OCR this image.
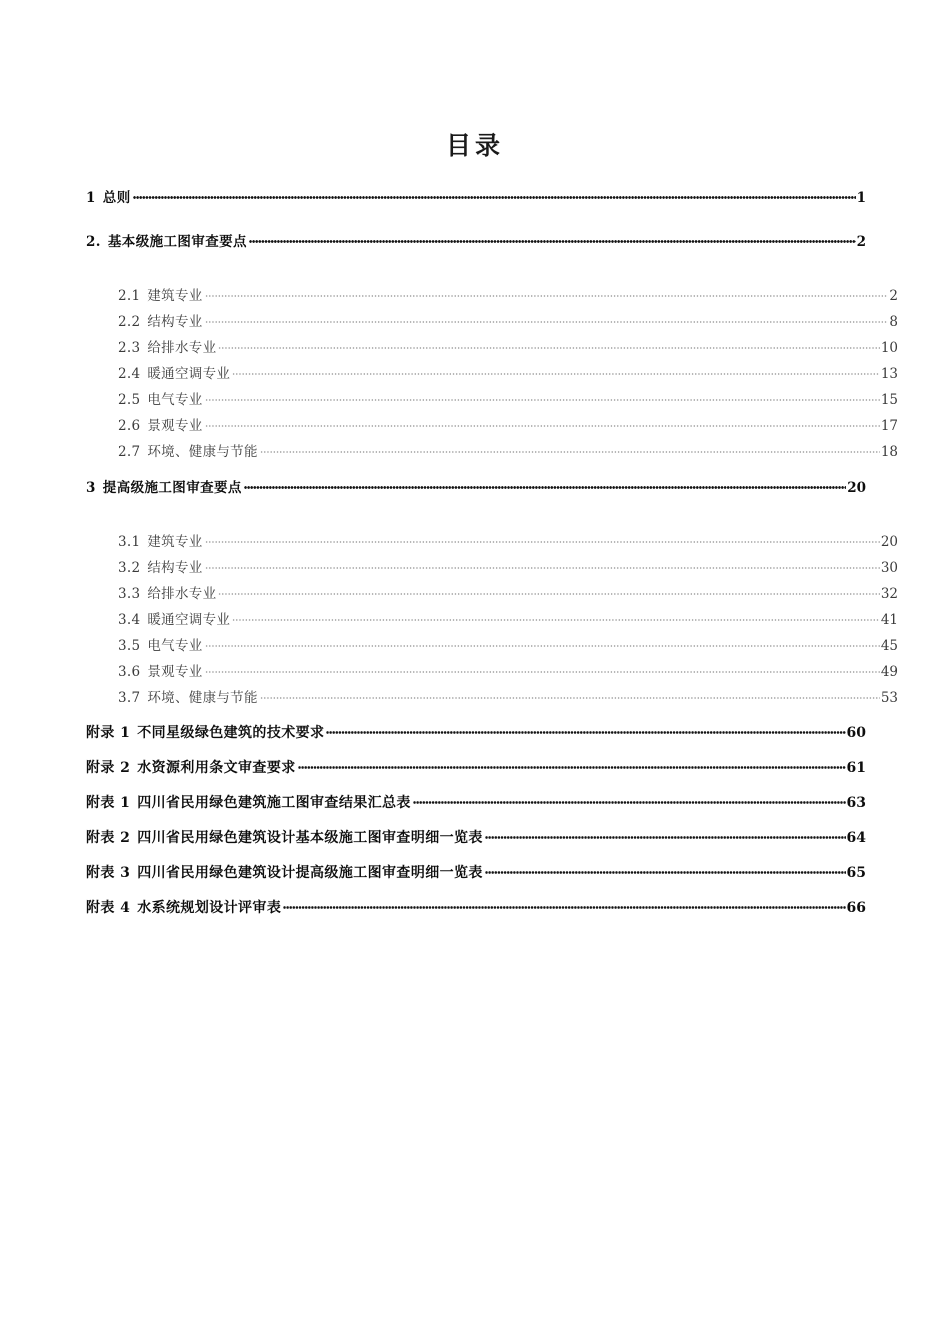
目录
1 总则	1
2. 基本级施工图审查要点	2
2.1 建筑专业	2
2.2 结构专业	8
2.3 给排水专业	10
2.4 暖通空调专业	13
2.5 电气专业	15
2.6 景观专业	17
2.7 环境、健康与节能	18
3 提高级施工图审查要点	20
3.1 建筑专业	20
3.2 结构专业	30
3.3 给排水专业	32
3.4 暖通空调专业	41
3.5 电气专业	45
3.6 景观专业	49
3.7 环境、健康与节能	53
附录 1 不同星级绿色建筑的技术要求	60
附录 2 水资源利用条文审查要求	61
附表 1 四川省民用绿色建筑施工图审查结果汇总表	63
附表 2 四川省民用绿色建筑设计基本级施工图审查明细一览表	64
附表 3 四川省民用绿色建筑设计提高级施工图审查明细一览表	65
附表 4 水系统规划设计评审表	66
